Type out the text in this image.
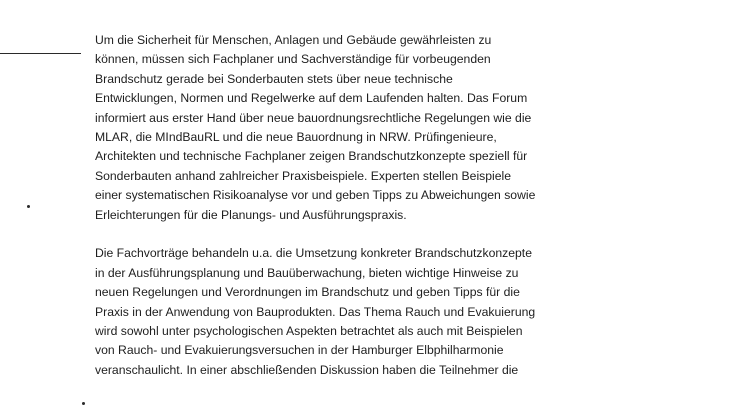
Um die Sicherheit für Menschen, Anlagen und Gebäude gewährleisten zu
können, müssen sich Fachplaner und Sachverständige für vorbeugenden
Brandschutz gerade bei Sonderbauten stets über neue technische
Entwicklungen, Normen und Regelwerke auf dem Laufenden halten. Das Forum
informiert aus erster Hand über neue bauordnungsrechtliche Regelungen wie die
MLAR, die MIndBauRL und die neue Bauordnung in NRW. Prüfingenieure,
Architekten und technische Fachplaner zeigen Brandschutzkonzepte speziell für
Sonderbauten anhand zahlreicher Praxisbeispiele. Experten stellen Beispiele
einer systematischen Risikoanalyse vor und geben Tipps zu Abweichungen sowie
Erleichterungen für die Planungs- und Ausführungspraxis.

Die Fachvorträge behandeln u.a. die Umsetzung konkreter Brandschutzkonzepte
in der Ausführungsplanung und Bauüberwachung, bieten wichtige Hinweise zu
neuen Regelungen und Verordnungen im Brandschutz und geben Tipps für die
Praxis in der Anwendung von Bauprodukten. Das Thema Rauch und Evakuierung
wird sowohl unter psychologischen Aspekten betrachtet als auch mit Beispielen
von Rauch- und Evakuierungsversuchen in der Hamburger Elbphilharmonie
veranschaulicht. In einer abschließenden Diskussion haben die Teilnehmer die
